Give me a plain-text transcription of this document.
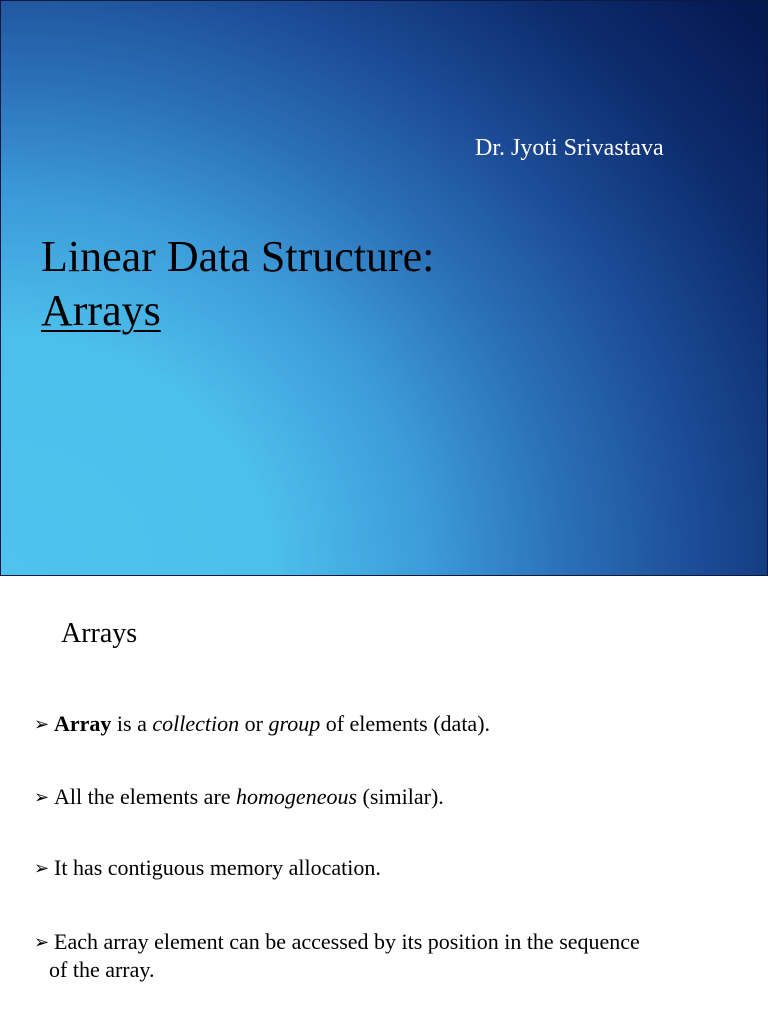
Dr. Jyoti Srivastava
Linear Data Structure:
Arrays
Arrays
➢ Array is a collection or group of elements (data).
➢ All the elements are homogeneous (similar).
➢ It has contiguous memory allocation.
➢ Each array element can be accessed by its position in the sequence
of the array.
